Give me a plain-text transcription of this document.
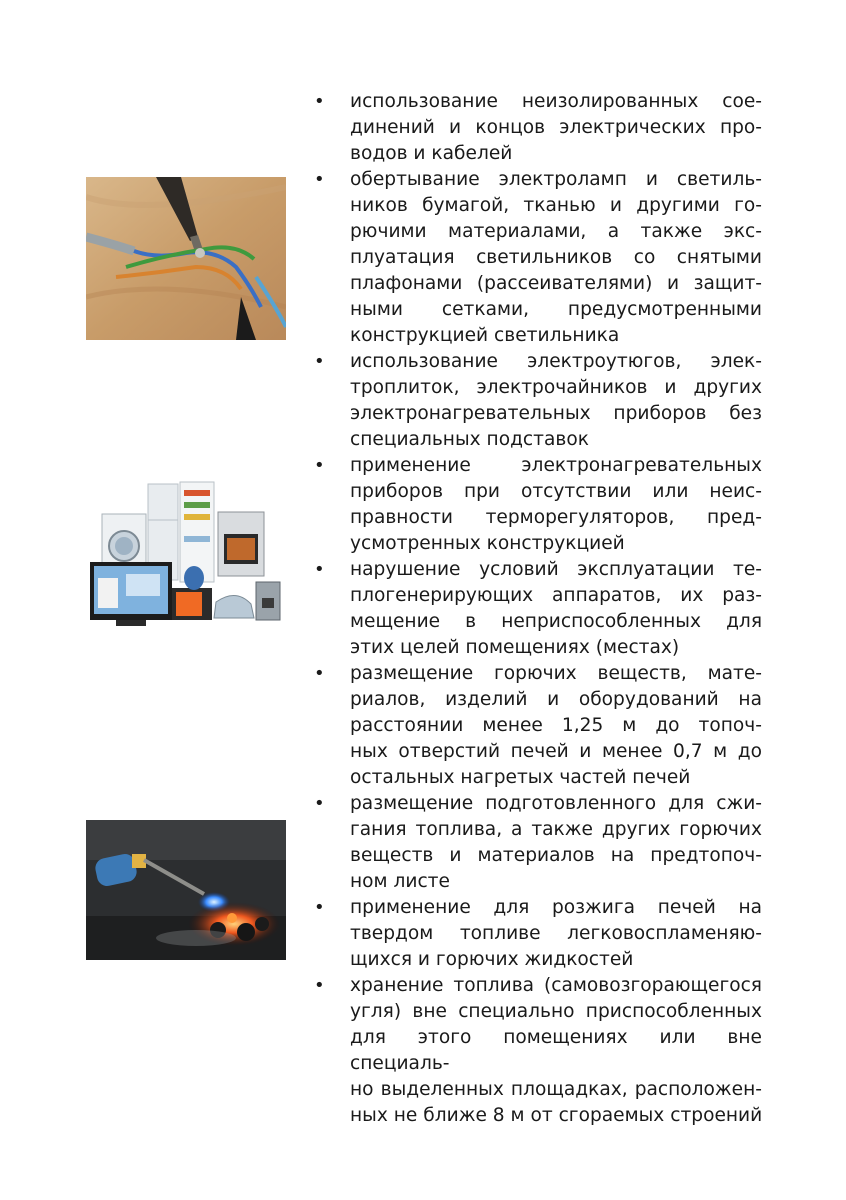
• использование неизолированных сое-
динений и концов электрических про-
водов и кабелей
• обертывание электроламп и светиль-
ников бумагой, тканью и другими го-
рючими материалами, а также экс-
плуатация светильников со снятыми
плафонами (рассеивателями) и защит-
ными сетками, предусмотренными
конструкцией светильника
• использование электроутюгов, элек-
троплиток, электрочайников и других
электронагревательных приборов без
специальных подставок
• применение электронагревательных
приборов при отсутствии или неис-
правности терморегуляторов, пред-
усмотренных конструкцией
• нарушение условий эксплуатации те-
плогенерирующих аппаратов, их раз-
мещение в неприспособленных для
этих целей помещениях (местах)
• размещение горючих веществ, мате-
риалов, изделий и оборудований на
расстоянии менее 1,25 м до топоч-
ных отверстий печей и менее 0,7 м до
остальных нагретых частей печей
• размещение подготовленного для сжи-
гания топлива, а также других горючих
веществ и материалов на предтопоч-
ном листе
• применение для розжига печей на
твердом топливе легковоспламеняю-
щихся и горючих жидкостей
• хранение топлива (самовозгорающегося
угля) вне специально приспособленных
для этого помещениях или вне специаль-
но выделенных площадках, расположен-
ных не ближе 8 м от сгораемых строений
